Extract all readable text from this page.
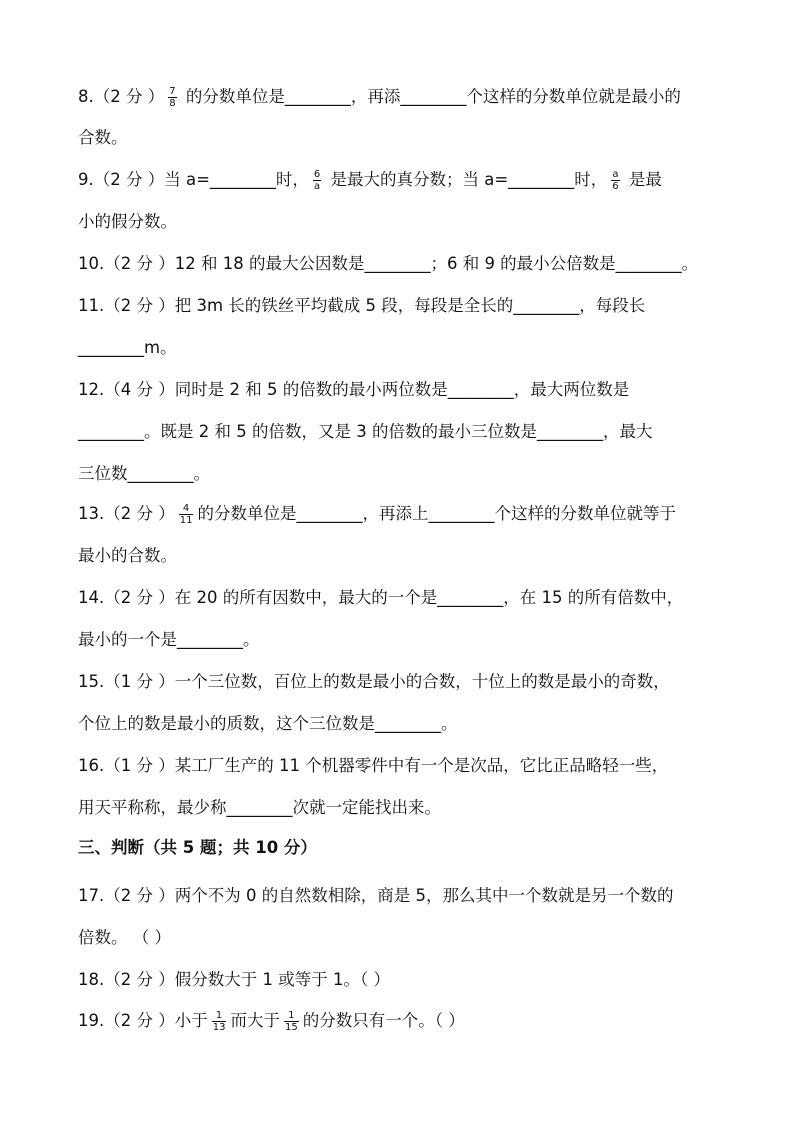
8.（2 分 ） $\frac{7}{8}$ 的分数单位是________，再添________个这样的分数单位就是最小的
合数。
9.（2 分 ）当 a=________时， $\frac{6}{a}$ 是最大的真分数；当 a=________时， $\frac{a}{6}$ 是最
小的假分数。
10.（2 分 ）12 和 18 的最大公因数是________；6 和 9 的最小公倍数是________。
11.（2 分 ）把 3m 长的铁丝平均截成 5 段，每段是全长的________，每段长
________m。
12.（4 分 ）同时是 2 和 5 的倍数的最小两位数是________，最大两位数是
________。既是 2 和 5 的倍数，又是 3 的倍数的最小三位数是________，最大
三位数________。
13.（2 分 ） $\frac{4}{11}$ 的分数单位是________，再添上________个这样的分数单位就等于
最小的合数。
14.（2 分 ）在 20 的所有因数中，最大的一个是________，在 15 的所有倍数中，
最小的一个是________。
15.（1 分 ）一个三位数，百位上的数是最小的合数，十位上的数是最小的奇数，
个位上的数是最小的质数，这个三位数是________。
16.（1 分 ）某工厂生产的 11 个机器零件中有一个是次品，它比正品略轻一些，
用天平称称，最少称________次就一定能找出来。
三、判断（共 5 题；共 10 分）
17.（2 分 ）两个不为 0 的自然数相除，商是 5，那么其中一个数就是另一个数的
倍数。 （ ）
18.（2 分 ）假分数大于 1 或等于 1。（ ）
19.（2 分 ）小于 $\frac{1}{13}$ 而大于 $\frac{1}{15}$ 的分数只有一个。（ ）
